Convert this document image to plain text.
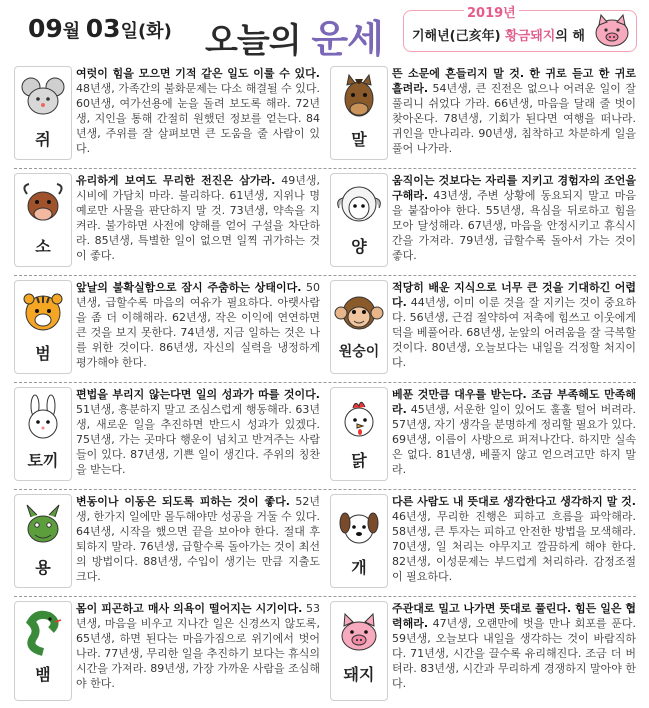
09월 03일(화) 오늘의 운세
2019년
기해년(己亥年) 황금돼지의 해
쥐
여럿이 힘을 모으면 기적 같은 일도 이룰 수 있다. 48년생, 가족간의 불화문제는 다소 해결될 수 있다. 60년생, 여가선용에 눈을 돌려 보도록 해라. 72년생, 지인을 통해 간절히 원했던 정보를 얻는다. 84년생, 주위를 잘 살펴보면 큰 도움을 줄 사람이 있다.	말
뜬 소문에 흔들리지 말 것. 한 귀로 듣고 한 귀로 흘려라. 54년생, 큰 진전은 없으나 어려운 일이 잘 풀리니 쉬었다 가라. 66년생, 마음을 달래 줄 벗이 찾아온다. 78년생, 기회가 된다면 여행을 떠나라. 귀인을 만나리라. 90년생, 침착하고 차분하게 일을 풀어 나가라.
소
유리하게 보여도 무리한 전진은 삼가라. 49년생, 시비에 가담치 마라. 불리하다. 61년생, 지위나 명예로만 사물을 판단하지 말 것. 73년생, 약속을 지켜라. 불가하면 사전에 양해를 얻어 구설을 차단하라. 85년생, 특별한 일이 없으면 일찍 귀가하는 것이 좋다.	양
움직이는 것보다는 자리를 지키고 경험자의 조언을 구해라. 43년생, 주변 상황에 동요되지 말고 마음을 붙잡아야 한다. 55년생, 욕심을 뒤로하고 힘을 모아 달성해라. 67년생, 마음을 안정시키고 휴식시간을 가져라. 79년생, 급할수록 돌아서 가는 것이 좋다.
범
앞날의 불확실함으로 잠시 주춤하는 상태이다. 50년생, 급할수록 마음의 여유가 필요하다. 아랫사람을 좀 더 이해해라. 62년생, 작은 이익에 연연하면 큰 것을 보지 못한다. 74년생, 지금 일하는 것은 나를 위한 것이다. 86년생, 자신의 실력을 냉정하게 평가해야 한다.
원숭이
적당히 배운 지식으로 너무 큰 것을 기대하긴 어렵다. 44년생, 이미 이룬 것을 잘 지키는 것이 중요하다. 56년생, 근검 절약하여 저축에 힘쓰고 이웃에게 덕을 베풀어라. 68년생, 눈앞의 어려움을 잘 극복할 것이다. 80년생, 오늘보다는 내일을 걱정할 처지이다.
토끼
편법을 부리지 않는다면 일의 성과가 따를 것이다. 51년생, 흥분하지 말고 조심스럽게 행동해라. 63년생, 새로운 일을 추진하면 반드시 성과가 있겠다. 75년생, 가는 곳마다 행운이 넘치고 반겨주는 사람들이 있다. 87년생, 기쁜 일이 생긴다. 주위의 칭찬을 받는다.	닭
베푼 것만큼 대우를 받는다. 조금 부족해도 만족해라. 45년생, 서운한 일이 있어도 훌훌 털어 버려라. 57년생, 자기 생각을 분명하게 정리할 필요가 있다. 69년생, 이름이 사방으로 퍼져나간다. 하지만 실속은 없다. 81년생, 베풀지 않고 얻으려고만 하지 말라.
용
변동이나 이동은 되도록 피하는 것이 좋다. 52년생, 한가지 일에만 몰두해야만 성공을 거둘 수 있다. 64년생, 시작을 했으면 끝을 보아야 한다. 절대 후퇴하지 말라. 76년생, 급할수록 돌아가는 것이 최선의 방법이다. 88년생, 수입이 생기는 만큼 지출도 크다.	개
다른 사람도 내 뜻대로 생각한다고 생각하지 말 것. 46년생, 무리한 진행은 피하고 흐름을 파악해라. 58년생, 큰 투자는 피하고 안전한 방법을 모색해라. 70년생, 일 처리는 야무지고 깔끔하게 해야 한다. 82년생, 이성문제는 부드럽게 처리하라. 감정조절이 필요하다.
뱀
몸이 피곤하고 매사 의욕이 떨어지는 시기이다. 53년생, 마음을 비우고 지나간 일은 신경쓰지 않도록, 65년생, 하면 된다는 마음가짐으로 위기에서 벗어나라. 77년생, 무리한 일을 추진하기 보다는 휴식의 시간을 가져라. 89년생, 가장 가까운 사람을 조심해야 한다.	돼지
주관대로 밀고 나가면 뜻대로 풀린다. 힘든 일은 협력해라. 47년생, 오랜만에 벗을 만나 회포를 푼다. 59년생, 오늘보다 내일을 생각하는 것이 바람직하다. 71년생, 시간을 끌수록 유리해진다. 조금 더 버텨라. 83년생, 시간과 무리하게 경쟁하지 말아야 한다.
